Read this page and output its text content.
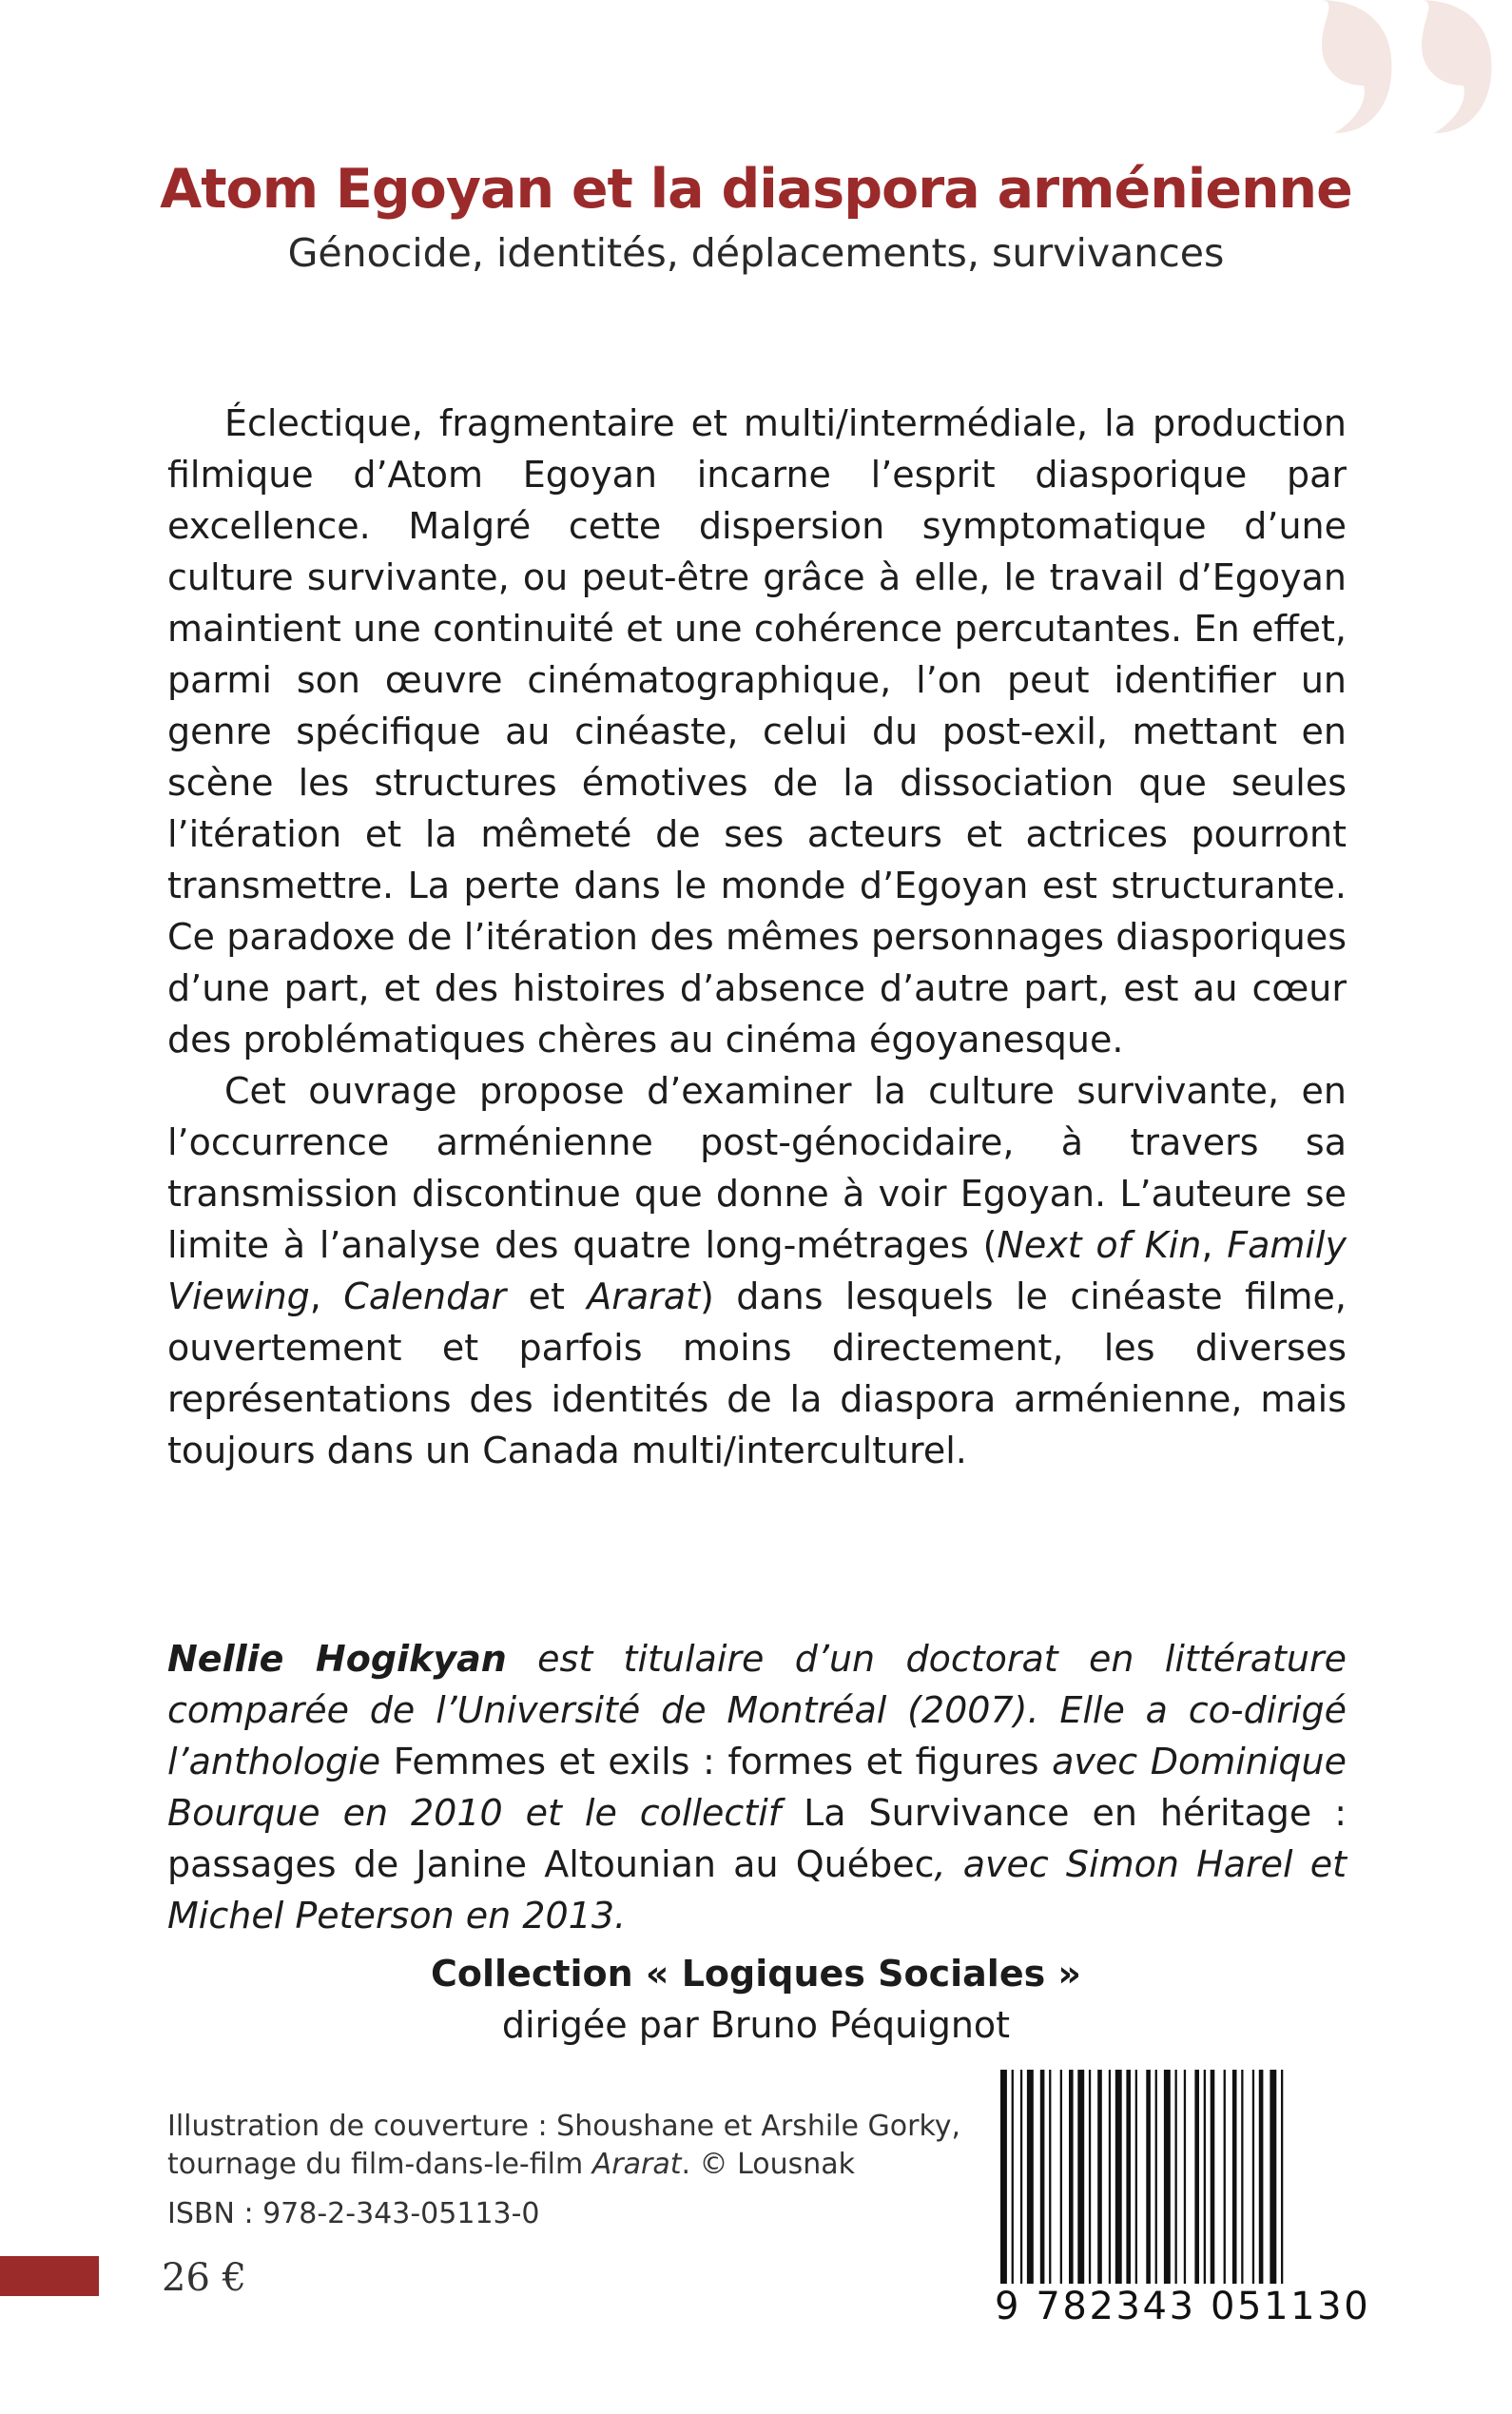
Atom Egoyan et la diaspora arménienne
Génocide, identités, déplacements, survivances

Éclectique, fragmentaire et multi/intermédiale, la production filmique d’Atom Egoyan incarne l’esprit diasporique par excellence. Malgré cette dispersion symptomatique d’une culture survivante, ou peut-être grâce à elle, le travail d’Egoyan maintient une continuité et une cohérence percutantes. En effet, parmi son œuvre cinématographique, l’on peut identifier un genre spécifique au cinéaste, celui du post-exil, mettant en scène les structures émotives de la dissociation que seules l’itération et la mêmeté de ses acteurs et actrices pourront transmettre. La perte dans le monde d’Egoyan est structurante. Ce paradoxe de l’itération des mêmes personnages diasporiques d’une part, et des histoires d’absence d’autre part, est au cœur des problématiques chères au cinéma égoyanesque.

Cet ouvrage propose d’examiner la culture survivante, en l’occurrence arménienne post-génocidaire, à travers sa transmission discontinue que donne à voir Egoyan. L’auteure se limite à l’analyse des quatre long-métrages (Next of Kin, Family Viewing, Calendar et Ararat) dans lesquels le cinéaste filme, ouvertement et parfois moins directement, les diverses représentations des identités de la diaspora arménienne, mais toujours dans un Canada multi/interculturel.

Nellie Hogikyan est titulaire d’un doctorat en littérature comparée de l’Université de Montréal (2007). Elle a co-dirigé l’anthologie Femmes et exils : formes et figures avec Dominique Bourque en 2010 et le collectif La Survivance en héritage : passages de Janine Altounian au Québec, avec Simon Harel et Michel Peterson en 2013.
Collection « Logiques Sociales »
dirigée par Bruno Péquignot
Illustration de couverture : Shoushane et Arshile Gorky,
tournage du film-dans-le-film Ararat. © Lousnak
ISBN : 978-2-343-05113-0
26 €
9 782343 051130
